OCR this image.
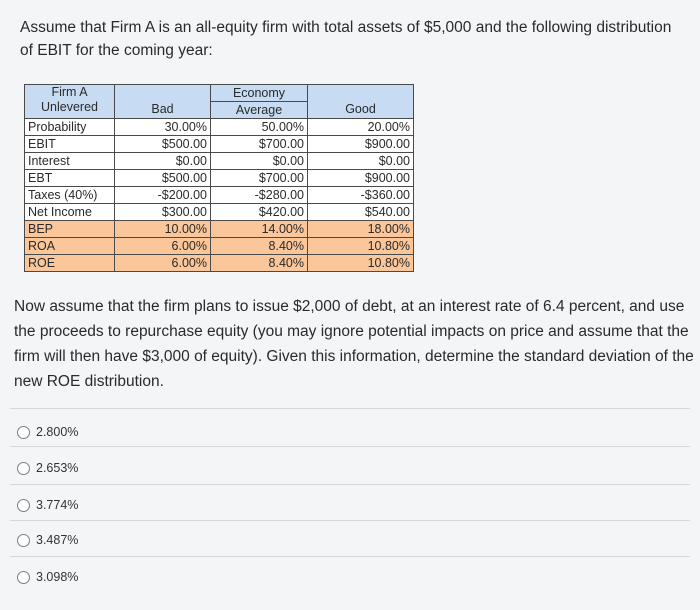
Assume that Firm A is an all-equity firm with total assets of $5,000 and the following distribution of EBIT for the coming year:
Firm A
Unlevered		Economy	
	Bad	Average	Good
Probability	30.00%	50.00%	20.00%
EBIT	$500.00	$700.00	$900.00
Interest	$0.00	$0.00	$0.00
EBT	$500.00	$700.00	$900.00
Taxes (40%)	-$200.00	-$280.00	-$360.00
Net Income	$300.00	$420.00	$540.00
BEP	10.00%	14.00%	18.00%
ROA	6.00%	8.40%	10.80%
ROE	6.00%	8.40%	10.80%
Now assume that the firm plans to issue $2,000 of debt, at an interest rate of 6.4 percent, and use the proceeds to repurchase equity (you may ignore potential impacts on price and assume that the firm will then have $3,000 of equity). Given this information, determine the standard deviation of the new ROE distribution.
2.800%
2.653%
3.774%
3.487%
3.098%
